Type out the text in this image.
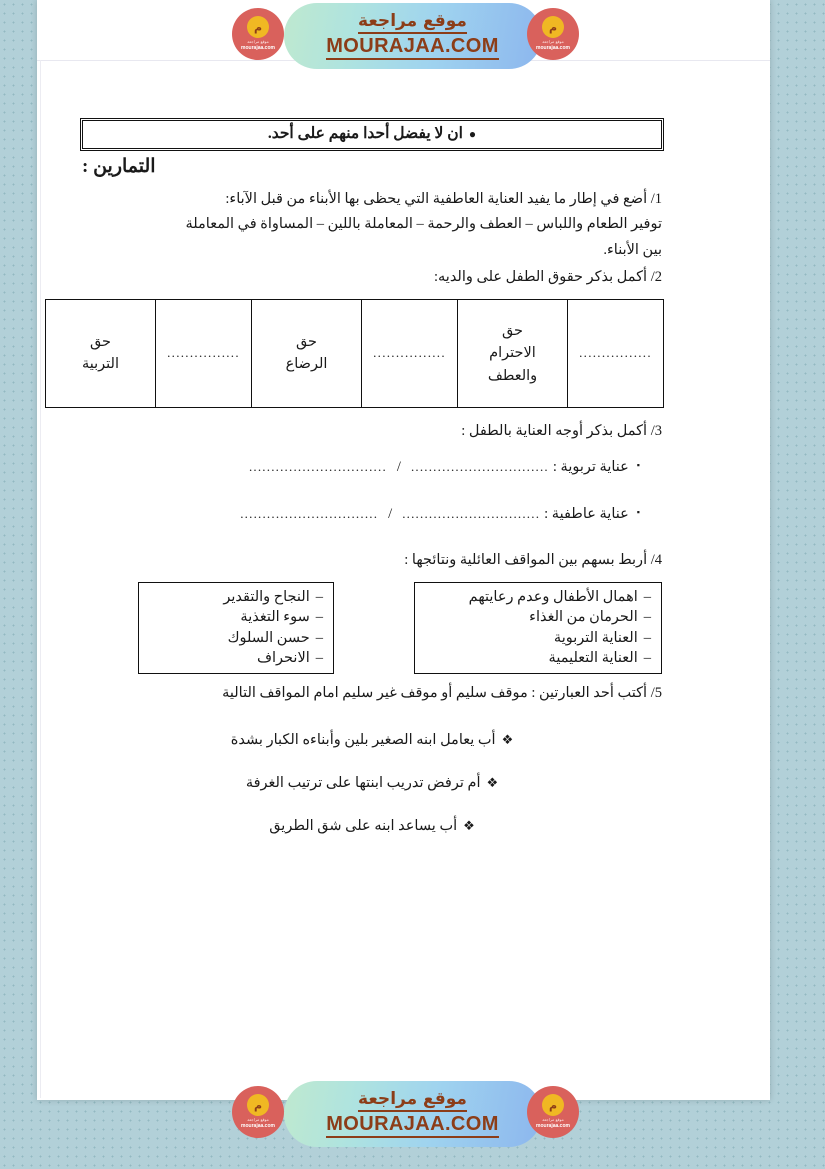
موقع مراجعة
MOURAJAA.COM
م
موقع مراجعة
mourajaa.com
م
موقع مراجعة
mourajaa.com
●ان لا يفضل أحدا منهم على أحد.
التمارين :
1/ أضع في إطار ما يفيد العناية العاطفية التي يحظى بها الأبناء من قبل الآباء:
توفير الطعام واللباس – العطف والرحمة – المعاملة باللين – المساواة في المعاملة
بين الأبناء.
2/ أكمل بذكر حقوق الطفل على والديه:
................	
حق
الاحترام
والعطف
	................	
حق
الرضاع
	................	
حق
التربية
3/ أكمل بذكر أوجه العناية بالطفل :
▪
عناية تربوية :
...............................
/
...............................
▪
عناية عاطفية :
...............................
/
...............................
4/ أربط بسهم بين المواقف العائلية ونتائجها :
–اهمال الأطفال وعدم رعايتهم
–الحرمان من الغذاء
–العناية التربوية
–العناية التعليمية
–النجاح والتقدير
–سوء التغذية
–حسن السلوك
–الانحراف
5/ أكتب أحد العبارتين : موقف سليم أو موقف غير سليم امام المواقف التالية
❖أب يعامل ابنه الصغير بلين وأبناءه الكبار بشدة
❖أم ترفض تدريب ابنتها على ترتيب الغرفة
❖أب يساعد ابنه على شق الطريق
موقع مراجعة
MOURAJAA.COM
م
موقع مراجعة
mourajaa.com
م
موقع مراجعة
mourajaa.com
